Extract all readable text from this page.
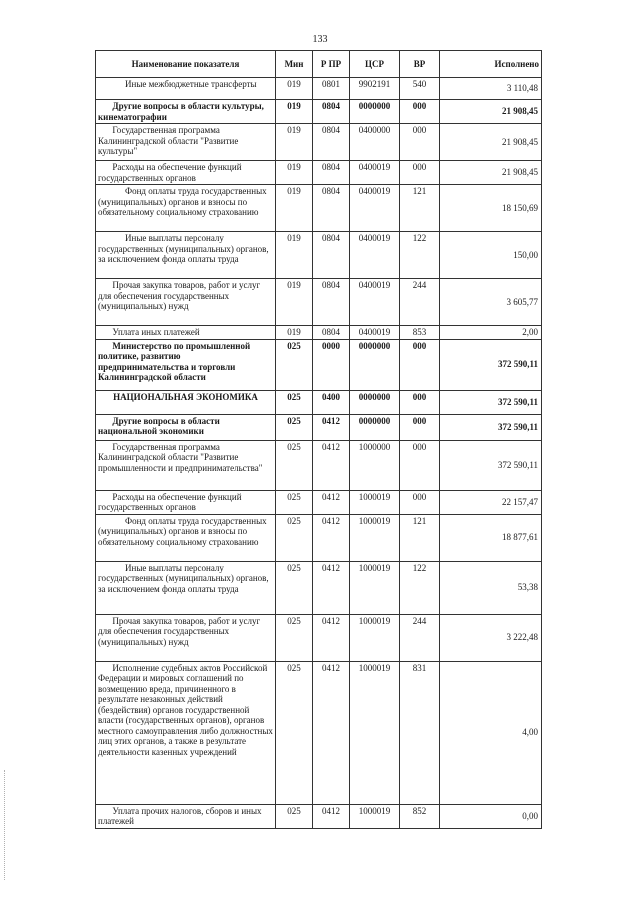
133
Наименование показателя	Мин	Р ПР	ЦСР	ВР	Исполнено

Иные межбюджетные трансферты	019	0801	9902191	540	3 110,48

Другие вопросы в области культуры, кинематографии	019	0804	0000000	000	21 908,45

Государственная программа Калининградской области "Развитие культуры"	019	0804	0400000	000	21 908,45

Расходы на обеспечение функций государственных органов	019	0804	0400019	000	21 908,45

Фонд оплаты труда государственных (муниципальных) органов и взносы по обязательному социальному страхованию	019	0804	0400019	121	18 150,69

Иные выплаты персоналу государственных (муниципальных) органов, за исключением фонда оплаты труда	019	0804	0400019	122	150,00

Прочая закупка товаров, работ и услуг для обеспечения государственных (муниципальных) нужд	019	0804	0400019	244	3 605,77

Уплата иных платежей	019	0804	0400019	853	2,00

Министерство по промышленной политике, развитию предпринимательства и торговли Калининградской области	025	0000	0000000	000	372 590,11
НАЦИОНАЛЬНАЯ ЭКОНОМИКА	025	0400	0000000	000	372 590,11

Другие вопросы в области национальной экономики	025	0412	0000000	000	372 590,11

Государственная программа Калининградской области "Развитие промышленности и предпринимательства"	025	0412	1000000	000	372 590,11

Расходы на обеспечение функций государственных органов	025	0412	1000019	000	22 157,47

Фонд оплаты труда государственных (муниципальных) органов и взносы по обязательному социальному страхованию	025	0412	1000019	121	18 877,61

Иные выплаты персоналу государственных (муниципальных) органов, за исключением фонда оплаты труда	025	0412	1000019	122	53,38

Прочая закупка товаров, работ и услуг для обеспечения государственных (муниципальных) нужд	025	0412	1000019	244	3 222,48

Исполнение судебных актов Российской Федерации и мировых соглашений по возмещению вреда, причиненного в результате незаконных действий (бездействия) органов государственной власти (государственных органов), органов местного самоуправления либо должностных лиц этих органов, а также в результате деятельности казенных учреждений	025	0412	1000019	831	4,00

Уплата прочих налогов, сборов и иных платежей	025	0412	1000019	852	0,00
